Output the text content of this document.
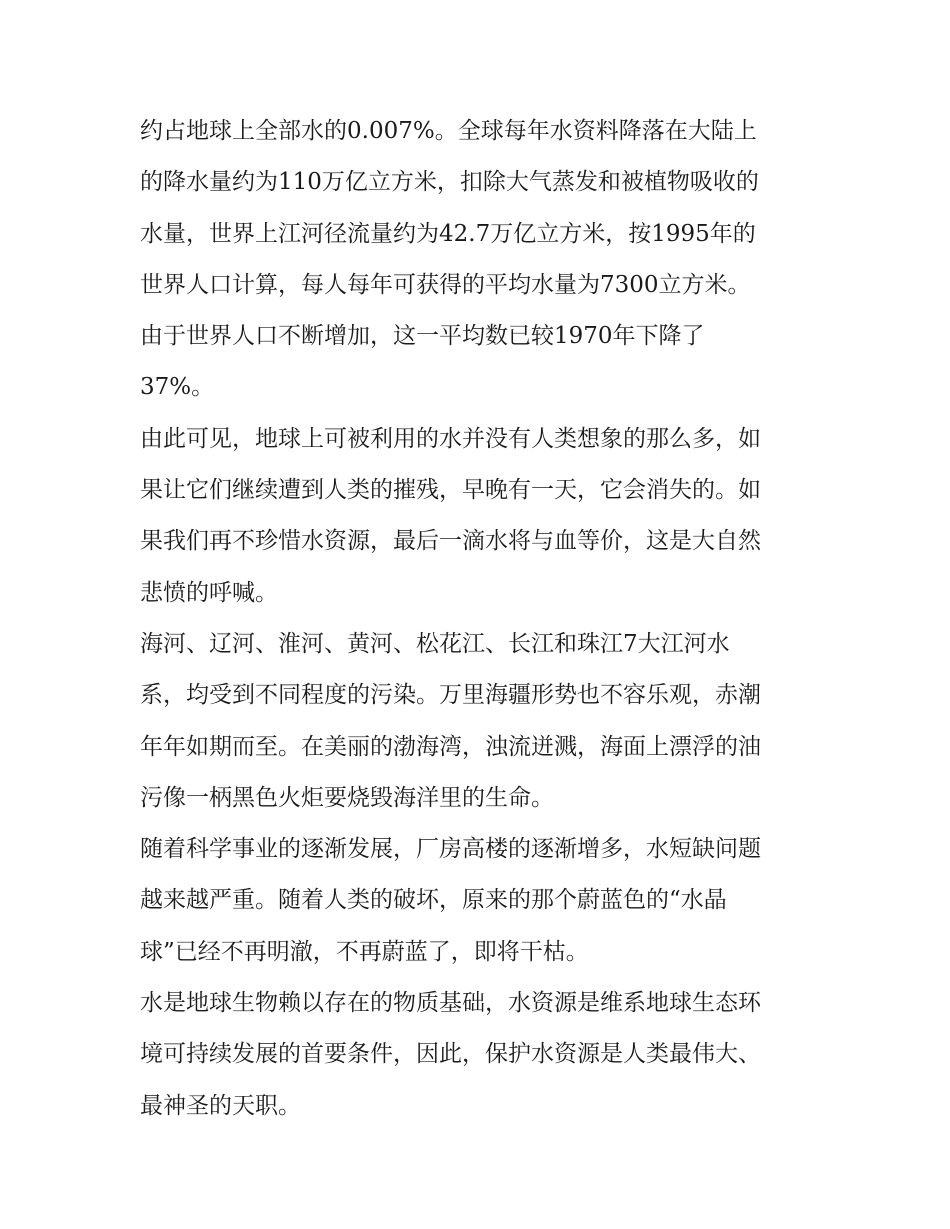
约占地球上全部水的0.007%。全球每年水资料降落在大陆上
的降水量约为110万亿立方米，扣除大气蒸发和被植物吸收的
水量，世界上江河径流量约为42.7万亿立方米，按1995年的
世界人口计算，每人每年可获得的平均水量为7300立方米。
由于世界人口不断增加，这一平均数已较1970年下降了
37%。
由此可见，地球上可被利用的水并没有人类想象的那么多，如
果让它们继续遭到人类的摧残，早晚有一天，它会消失的。如
果我们再不珍惜水资源，最后一滴水将与血等价，这是大自然
悲愤的呼喊。
海河、辽河、淮河、黄河、松花江、长江和珠江7大江河水
系，均受到不同程度的污染。万里海疆形势也不容乐观，赤潮
年年如期而至。在美丽的渤海湾，浊流迸溅，海面上漂浮的油
污像一柄黑色火炬要烧毁海洋里的生命。
随着科学事业的逐渐发展，厂房高楼的逐渐增多，水短缺问题
越来越严重。随着人类的破坏，原来的那个蔚蓝色的“水晶
球”已经不再明澈，不再蔚蓝了，即将干枯。
水是地球生物赖以存在的物质基础，水资源是维系地球生态环
境可持续发展的首要条件，因此，保护水资源是人类最伟大、
最神圣的天职。
